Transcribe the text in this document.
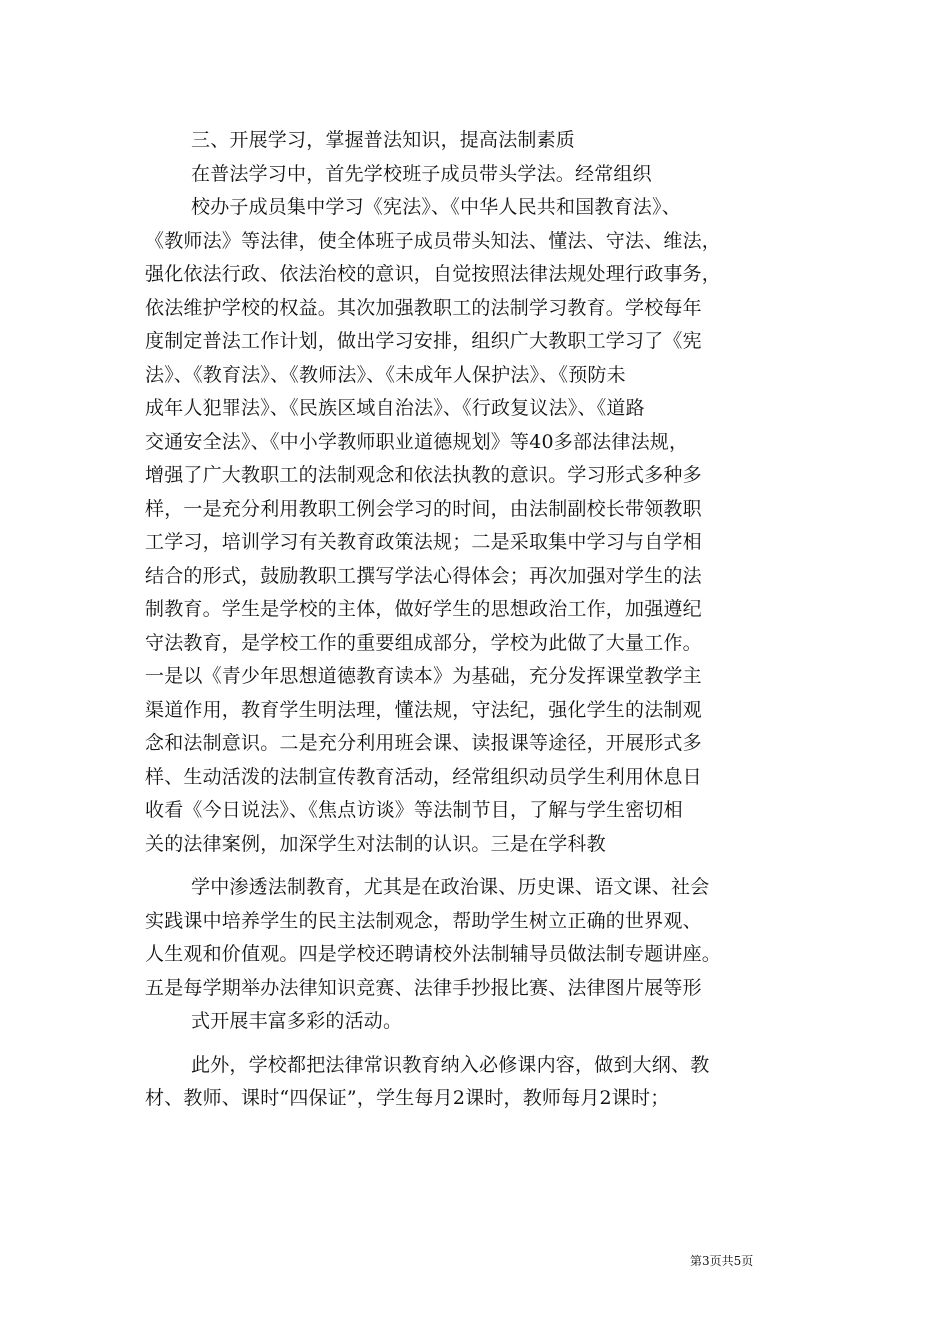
三、开展学习，掌握普法知识，提高法制素质
在普法学习中，首先学校班子成员带头学法。经常组织
校办子成员集中学习《宪法》、《中华人民共和国教育法》、
《教师法》等法律，使全体班子成员带头知法、懂法、守法、维法，
强化依法行政、依法治校的意识，自觉按照法律法规处理行政事务，
依法维护学校的权益。其次加强教职工的法制学习教育。学校每年
度制定普法工作计划，做出学习安排，组织广大教职工学习了《宪
法》、《教育法》、《教师法》、《未成年人保护法》、《预防未
成年人犯罪法》、《民族区域自治法》、《行政复议法》、《道路
交通安全法》、《中小学教师职业道德规划》等40多部法律法规，
增强了广大教职工的法制观念和依法执教的意识。学习形式多种多
样，一是充分利用教职工例会学习的时间，由法制副校长带领教职
工学习，培训学习有关教育政策法规；二是采取集中学习与自学相
结合的形式，鼓励教职工撰写学法心得体会；再次加强对学生的法
制教育。学生是学校的主体，做好学生的思想政治工作，加强遵纪
守法教育，是学校工作的重要组成部分，学校为此做了大量工作。
一是以《青少年思想道德教育读本》为基础，充分发挥课堂教学主
渠道作用，教育学生明法理，懂法规，守法纪，强化学生的法制观
念和法制意识。二是充分利用班会课、读报课等途径，开展形式多
样、生动活泼的法制宣传教育活动，经常组织动员学生利用休息日
收看《今日说法》、《焦点访谈》等法制节目，了解与学生密切相
关的法律案例，加深学生对法制的认识。三是在学科教
学中渗透法制教育，尤其是在政治课、历史课、语文课、社会
实践课中培养学生的民主法制观念，帮助学生树立正确的世界观、
人生观和价值观。四是学校还聘请校外法制辅导员做法制专题讲座。
五是每学期举办法律知识竞赛、法律手抄报比赛、法律图片展等形
式开展丰富多彩的活动。
此外，学校都把法律常识教育纳入必修课内容，做到大纲、教
材、教师、课时“四保证”，学生每月2课时，教师每月2课时；
第3页共5页
